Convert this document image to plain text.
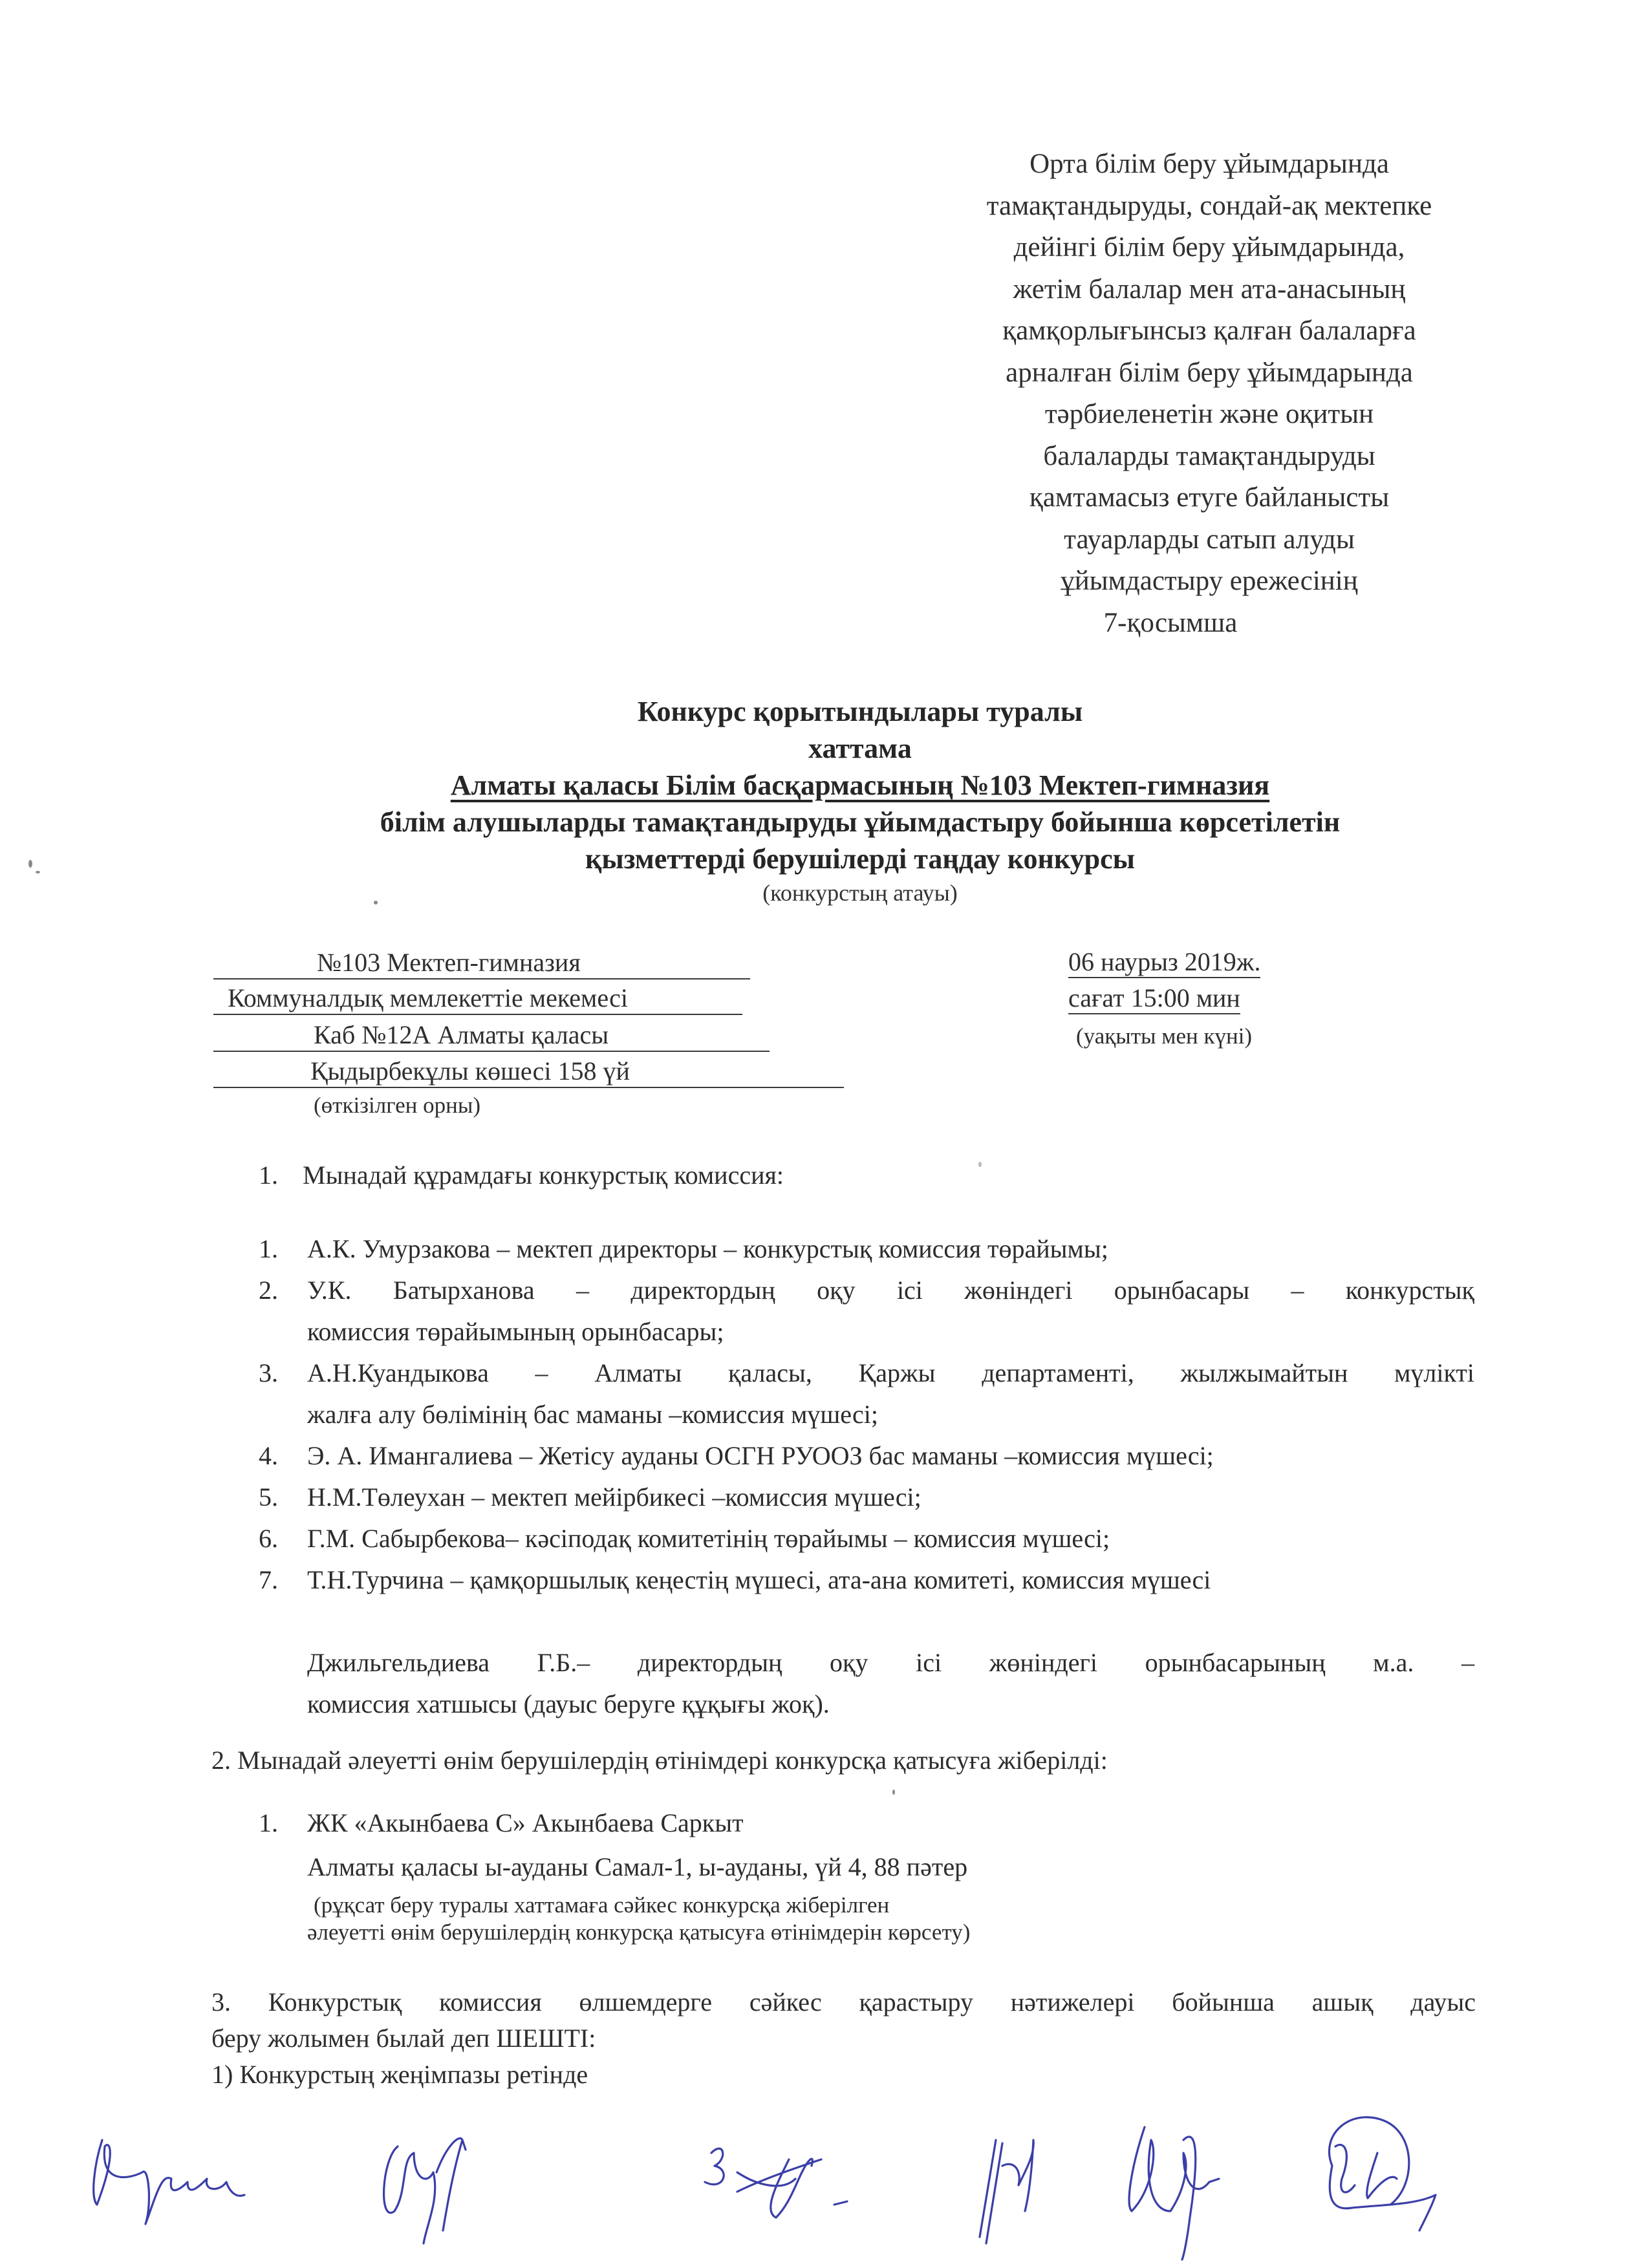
Орта білім беру ұйымдарында
тамақтандыруды, сондай-ақ мектепке
дейінгі білім беру ұйымдарында,
жетім балалар мен ата-анасының
қамқорлығынсыз қалған балаларға
арналған білім беру ұйымдарында
тәрбиеленетін және оқитын
балаларды тамақтандыруды
қамтамасыз етуге байланысты
тауарларды сатып алуды
ұйымдастыру ережесінің
7-қосымша
Конкурс қорытындылары туралы
хаттама
Алматы қаласы Білім басқармасының №103 Мектеп-гимназия
білім алушыларды тамақтандыруды ұйымдастыру бойынша көрсетілетін
қызметтерді берушілерді таңдау конкурсы
(конкурстың атауы)
№103 Мектеп-гимназия
Коммуналдық мемлекеттіе мекемесі
Каб №12А Алматы қаласы
Қыдырбекұлы көшесі 158 үй
(өткізілген орны)
06 наурыз 2019ж.
сағат 15:00 мин
(уақыты мен күні)
1. Мынадай құрамдағы конкурстық комиссия:
1.	А.К. Умурзакова – мектеп директоры – конкурстық комиссия төрайымы;
2.	У.К. Батырханова – директордың оқу ісі жөніндегі орынбасары – конкурстық
комиссия төрайымының орынбасары;
3.	А.Н.Куандыкова – Алматы қаласы, Қаржы департаменті, жылжымайтын мүлікті
жалға алу бөлімінің бас маманы –комиссия мүшесі;
4.	Э. А. Имангалиева – Жетісу ауданы ОСГН РУООЗ бас маманы –комиссия мүшесі;
5.	Н.М.Төлеухан – мектеп мейірбикесі –комиссия мүшесі;
6.	Г.М. Сабырбекова– кәсіподақ комитетінің төрайымы – комиссия мүшесі;
7.	Т.Н.Турчина – қамқоршылық кеңестің мүшесі, ата-ана комитеті, комиссия мүшесі
Джильгельдиева Г.Б.– директордың оқу ісі жөніндегі орынбасарының м.а. –
комиссия хатшысы (дауыс беруге құқығы жоқ).
2. Мынадай әлеуетті өнім берушілердің өтінімдері конкурсқа қатысуға жіберілді:
1. ЖК «Акынбаева С» Акынбаева Саркыт
Алматы қаласы ы-ауданы Самал-1, ы-ауданы, үй 4, 88 пәтер
(рұқсат беру туралы хаттамаға сәйкес конкурсқа жіберілген
әлеуетті өнім берушілердің конкурсқа қатысуға өтінімдерін көрсету)
3. Конкурстық комиссия өлшемдерге сәйкес қарастыру нәтижелері бойынша ашық дауыс
беру жолымен былай деп ШЕШТІ:
1) Конкурстың жеңімпазы ретінде
